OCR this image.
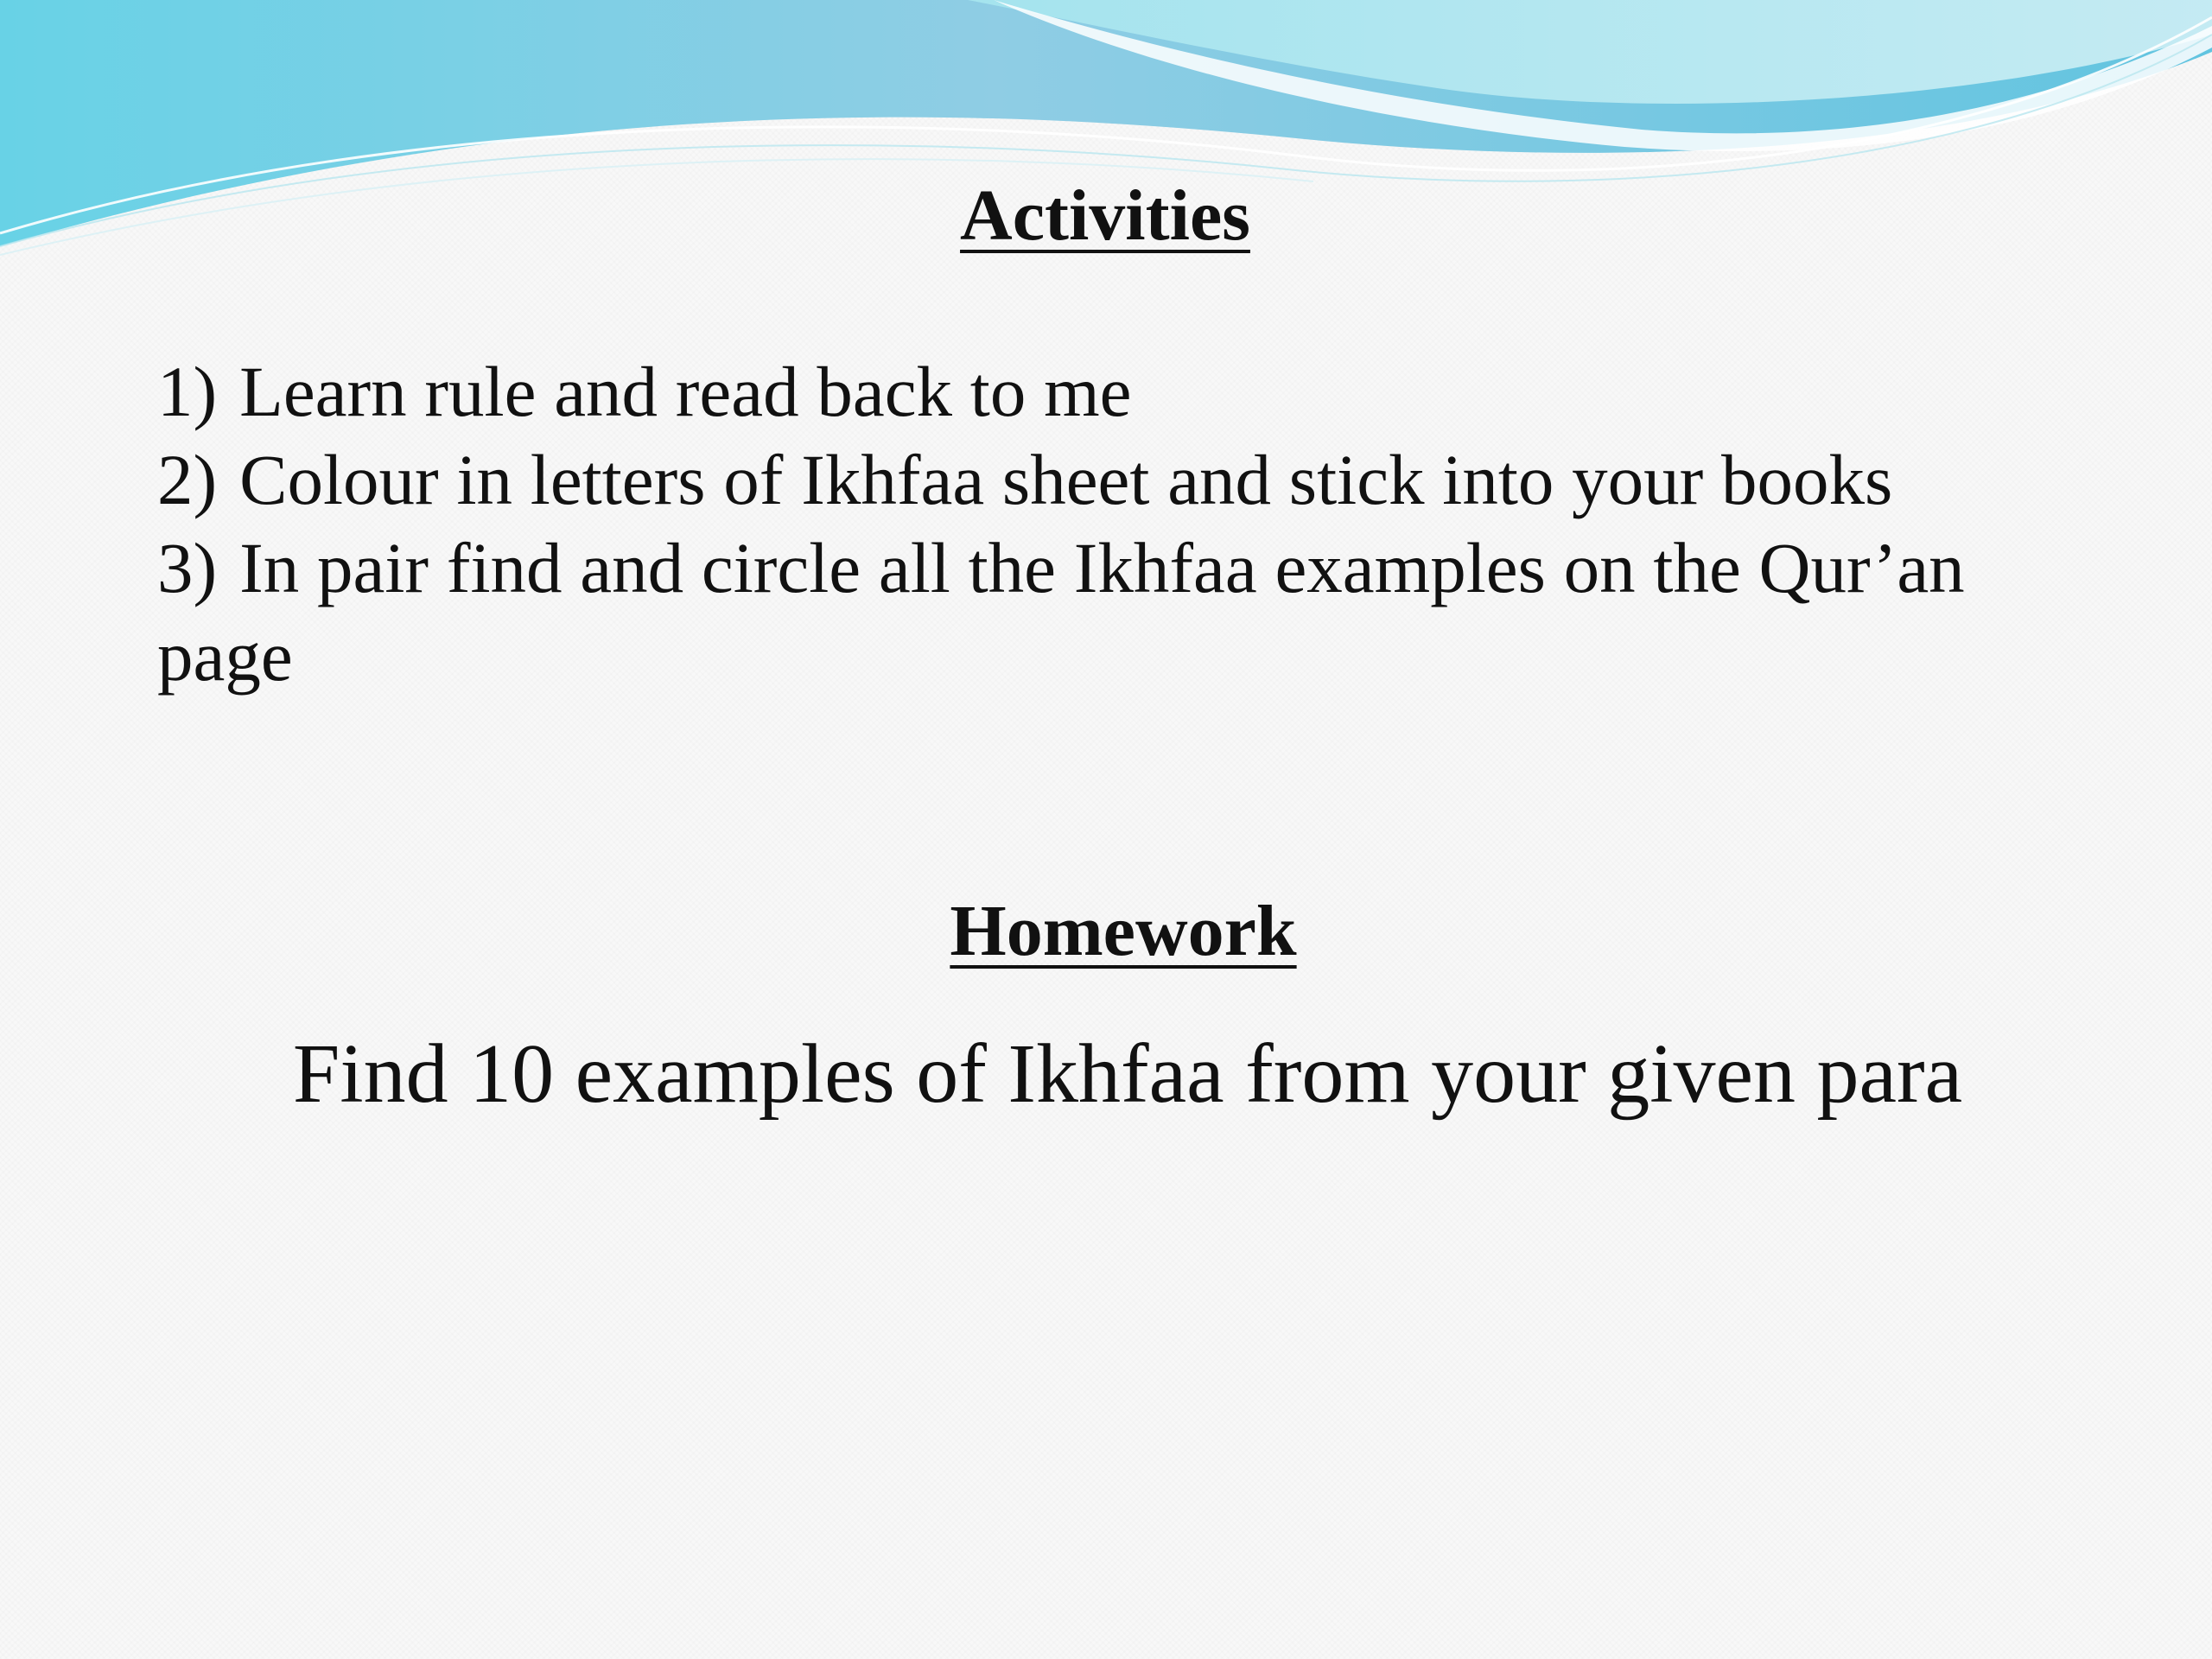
Activities
1) Learn rule and read back to me
2) Colour in letters of Ikhfaa sheet and stick into your books
3) In pair find and circle all the Ikhfaa examples on the Qur’an page
Homework

Find 10 examples of Ikhfaa from your given para
